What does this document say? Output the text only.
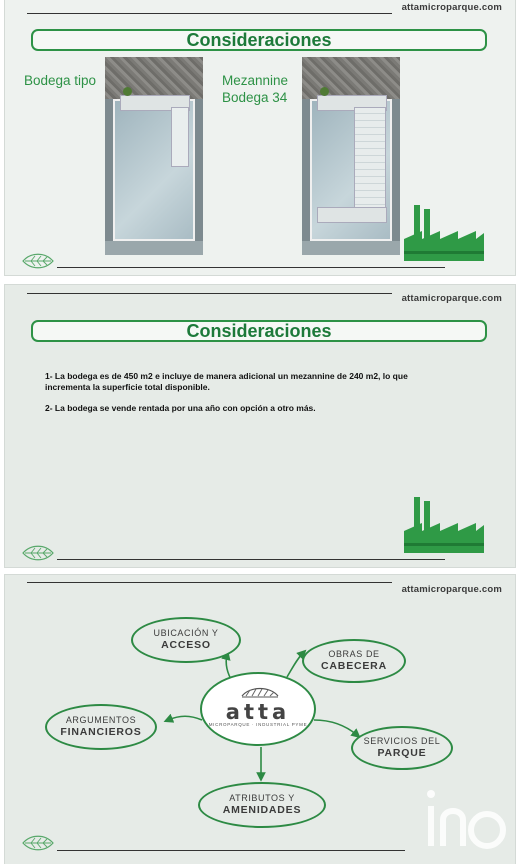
attamicroparque.com
Consideraciones
Bodega tipo	Mezannine
Bodega 34
attamicroparque.com
Consideraciones
1- La bodega es de 450 m2 e incluye de manera adicional un mezannine de 240 m2, lo que
incrementa la superficie total disponible.
2- La bodega se vende rentada por una año con opción a otro más.
attamicroparque.com
UBICACIÓN Y
ACCESO
OBRAS DE
CABECERA
ARGUMENTOS
FINANCIEROS
SERVICIOS DEL
PARQUE
ATRIBUTOS Y
AMENIDADES
atta
MICROPARQUE · INDUSTRIAL PYME
